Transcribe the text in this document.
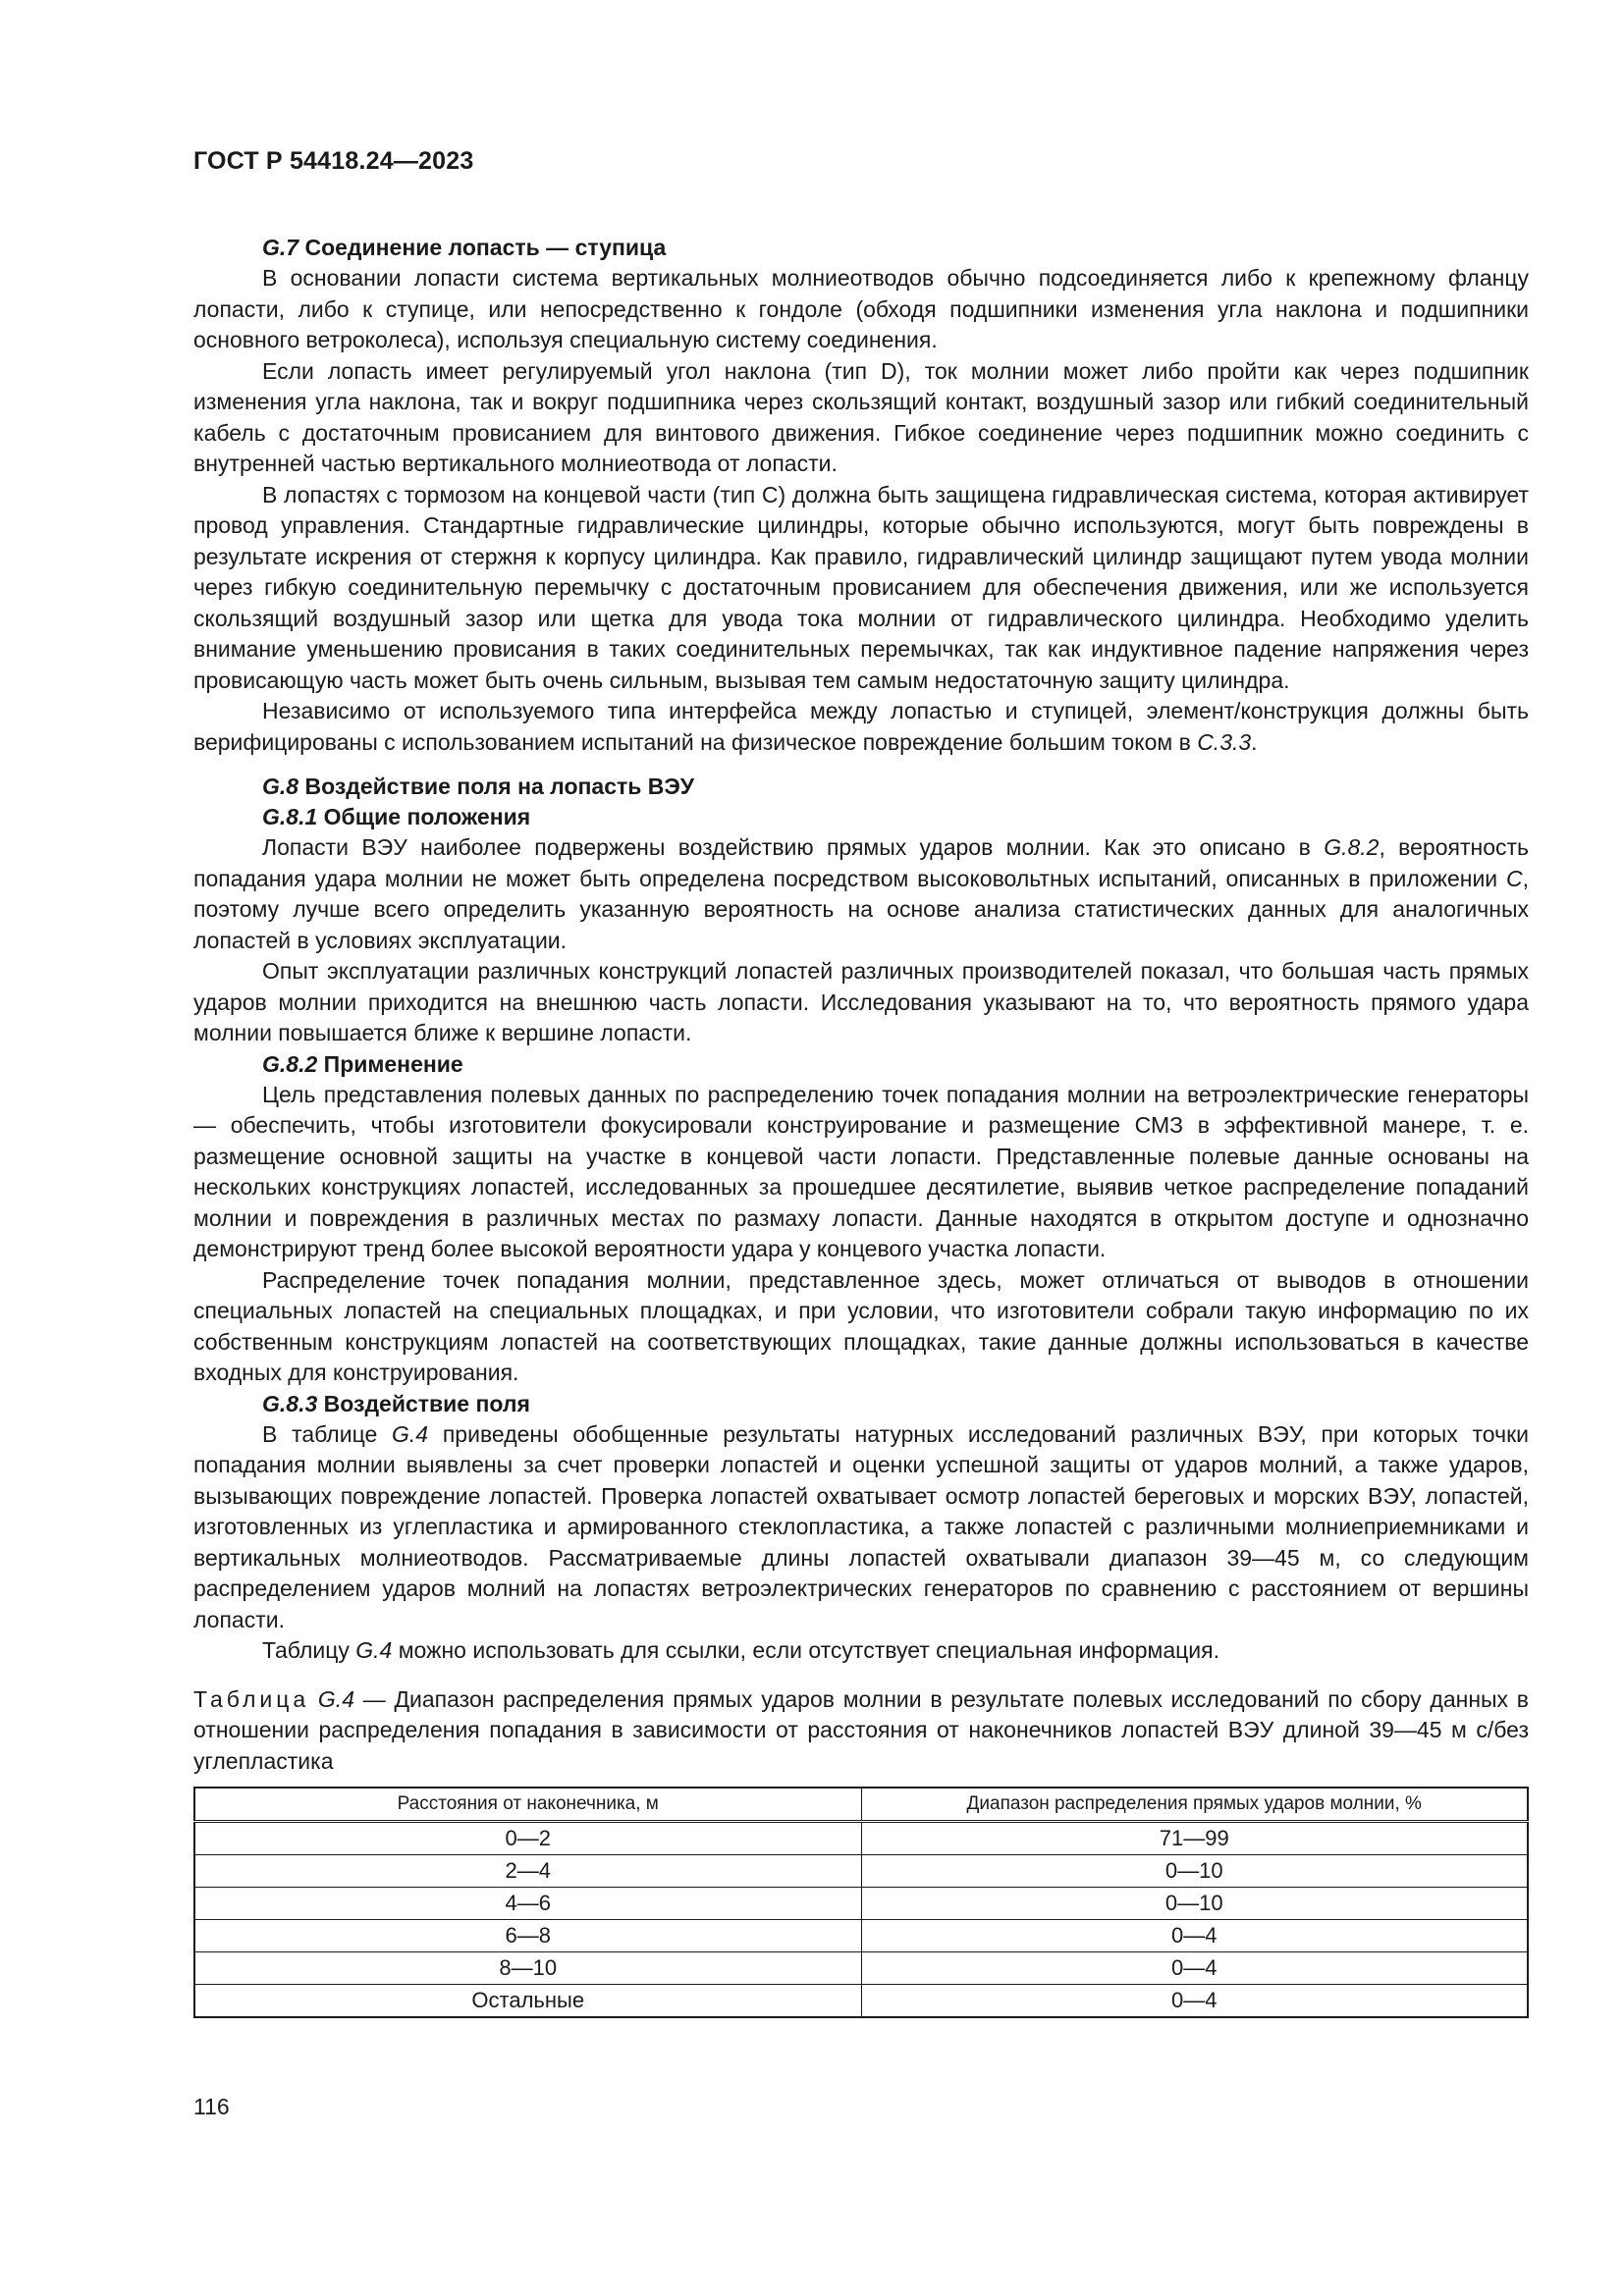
ГОСТ Р 54418.24—2023
G.7 Соединение лопасть — ступица

В основании лопасти система вертикальных молниеотводов обычно подсоединяется либо к крепежному фланцу лопасти, либо к ступице, или непосредственно к гондоле (обходя подшипники изменения угла наклона и подшипники основного ветроколеса), используя специальную систему соединения.

Если лопасть имеет регулируемый угол наклона (тип D), ток молнии может либо пройти как через подшипник изменения угла наклона, так и вокруг подшипника через скользящий контакт, воздушный зазор или гибкий соединительный кабель с достаточным провисанием для винтового движения. Гибкое соединение через подшипник можно соединить с внутренней частью вертикального молниеотвода от лопасти.

В лопастях с тормозом на концевой части (тип C) должна быть защищена гидравлическая система, которая активирует провод управления. Стандартные гидравлические цилиндры, которые обычно используются, могут быть повреждены в результате искрения от стержня к корпусу цилиндра. Как правило, гидравлический цилиндр защищают путем увода молнии через гибкую соединительную перемычку с достаточным провисанием для обеспечения движения, или же используется скользящий воздушный зазор или щетка для увода тока молнии от гидравлического цилиндра. Необходимо уделить внимание уменьшению провисания в таких соединительных перемычках, так как индуктивное падение напряжения через провисающую часть может быть очень сильным, вызывая тем самым недостаточную защиту цилиндра.

Независимо от используемого типа интерфейса между лопастью и ступицей, элемент/конструкция должны быть верифицированы с использованием испытаний на физическое повреждение большим током в С.3.3.

G.8 Воздействие поля на лопасть ВЭУ
G.8.1 Общие положения

Лопасти ВЭУ наиболее подвержены воздействию прямых ударов молнии. Как это описано в G.8.2, вероятность попадания удара молнии не может быть определена посредством высоковольтных испытаний, описанных в приложении С, поэтому лучше всего определить указанную вероятность на основе анализа статистических данных для аналогичных лопастей в условиях эксплуатации.

Опыт эксплуатации различных конструкций лопастей различных производителей показал, что большая часть прямых ударов молнии приходится на внешнюю часть лопасти. Исследования указывают на то, что вероятность прямого удара молнии повышается ближе к вершине лопасти.

G.8.2 Применение

Цель представления полевых данных по распределению точек попадания молнии на ветроэлектрические генераторы — обеспечить, чтобы изготовители фокусировали конструирование и размещение СМЗ в эффективной манере, т. е. размещение основной защиты на участке в концевой части лопасти. Представленные полевые данные основаны на нескольких конструкциях лопастей, исследованных за прошедшее десятилетие, выявив четкое распределение попаданий молнии и повреждения в различных местах по размаху лопасти. Данные находятся в открытом доступе и однозначно демонстрируют тренд более высокой вероятности удара у концевого участка лопасти.

Распределение точек попадания молнии, представленное здесь, может отличаться от выводов в отношении специальных лопастей на специальных площадках, и при условии, что изготовители собрали такую информацию по их собственным конструкциям лопастей на соответствующих площадках, такие данные должны использоваться в качестве входных для конструирования.

G.8.3 Воздействие поля

В таблице G.4 приведены обобщенные результаты натурных исследований различных ВЭУ, при которых точки попадания молнии выявлены за счет проверки лопастей и оценки успешной защиты от ударов молний, а также ударов, вызывающих повреждение лопастей. Проверка лопастей охватывает осмотр лопастей береговых и морских ВЭУ, лопастей, изготовленных из углепластика и армированного стеклопластика, а также лопастей с различными молниеприемниками и вертикальных молниеотводов. Рассматриваемые длины лопастей охватывали диапазон 39—45 м, со следующим распределением ударов молний на лопастях ветроэлектрических генераторов по сравнению с расстоянием от вершины лопасти.

Таблицу G.4 можно использовать для ссылки, если отсутствует специальная информация.

Таблица G.4 — Диапазон распределения прямых ударов молнии в результате полевых исследований по сбору данных в отношении распределения попадания в зависимости от расстояния от наконечников лопастей ВЭУ длиной 39—45 м с/без углепластика
Расстояния от наконечника, м	Диапазон распределения прямых ударов молнии, %
0—2	71—99
2—4	0—10
4—6	0—10
6—8	0—4
8—10	0—4
Остальные	0—4
116
